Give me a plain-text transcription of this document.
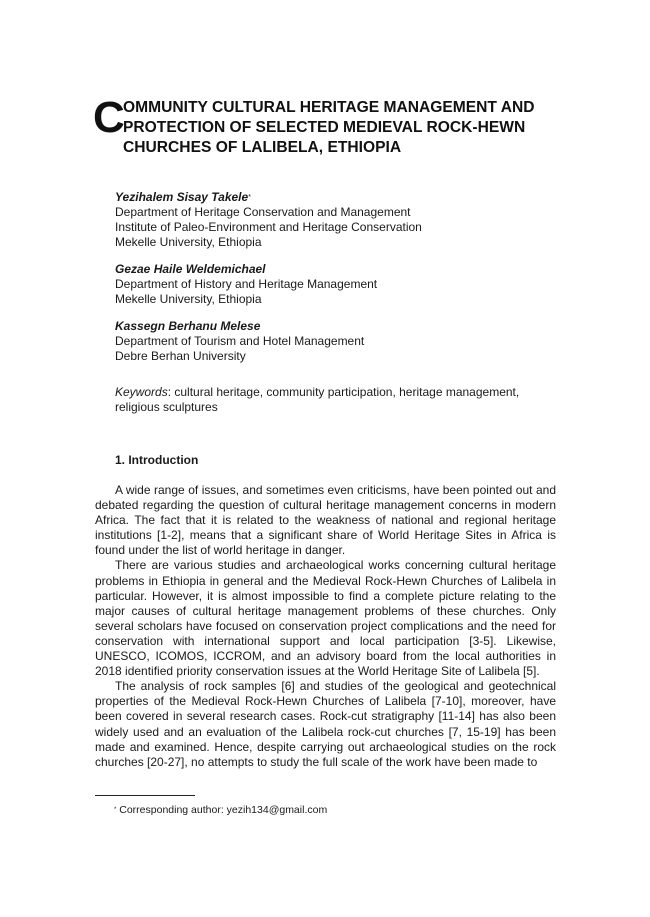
C
OMMUNITY CULTURAL HERITAGE MANAGEMENT AND
PROTECTION OF SELECTED MEDIEVAL ROCK-HEWN
CHURCHES OF LALIBELA, ETHIOPIA
Yezihalem Sisay Takele*
Department of Heritage Conservation and Management
Institute of Paleo-Environment and Heritage Conservation
Mekelle University, Ethiopia
Gezae Haile Weldemichael
Department of History and Heritage Management
Mekelle University, Ethiopia
Kassegn Berhanu Melese
Department of Tourism and Hotel Management
Debre Berhan University
Keywords: cultural heritage, community participation, heritage management, religious sculptures
1. Introduction

A wide range of issues, and sometimes even criticisms, have been pointed out and debated regarding the question of cultural heritage management concerns in modern Africa. The fact that it is related to the weakness of national and regional heritage institutions [1-2], means that a significant share of World Heritage Sites in Africa is found under the list of world heritage in danger.

There are various studies and archaeological works concerning cultural heritage problems in Ethiopia in general and the Medieval Rock-Hewn Churches of Lalibela in particular. However, it is almost impossible to find a complete picture relating to the major causes of cultural heritage management problems of these churches. Only several scholars have focused on conservation project complications and the need for conservation with international support and local participation [3-5]. Likewise, UNESCO, ICOMOS, ICCROM, and an advisory board from the local authorities in 2018 identified priority conservation issues at the World Heritage Site of Lalibela [5].

The analysis of rock samples [6] and studies of the geological and geotechnical properties of the Medieval Rock-Hewn Churches of Lalibela [7-10], moreover, have been covered in several research cases. Rock-cut stratigraphy [11-14] has also been widely used and an evaluation of the Lalibela rock-cut churches [7, 15-19] has been made and examined. Hence, despite carrying out archaeological studies on the rock churches [20-27], no attempts to study the full scale of the work have been made to

* Corresponding author: yezih134@gmail.com
